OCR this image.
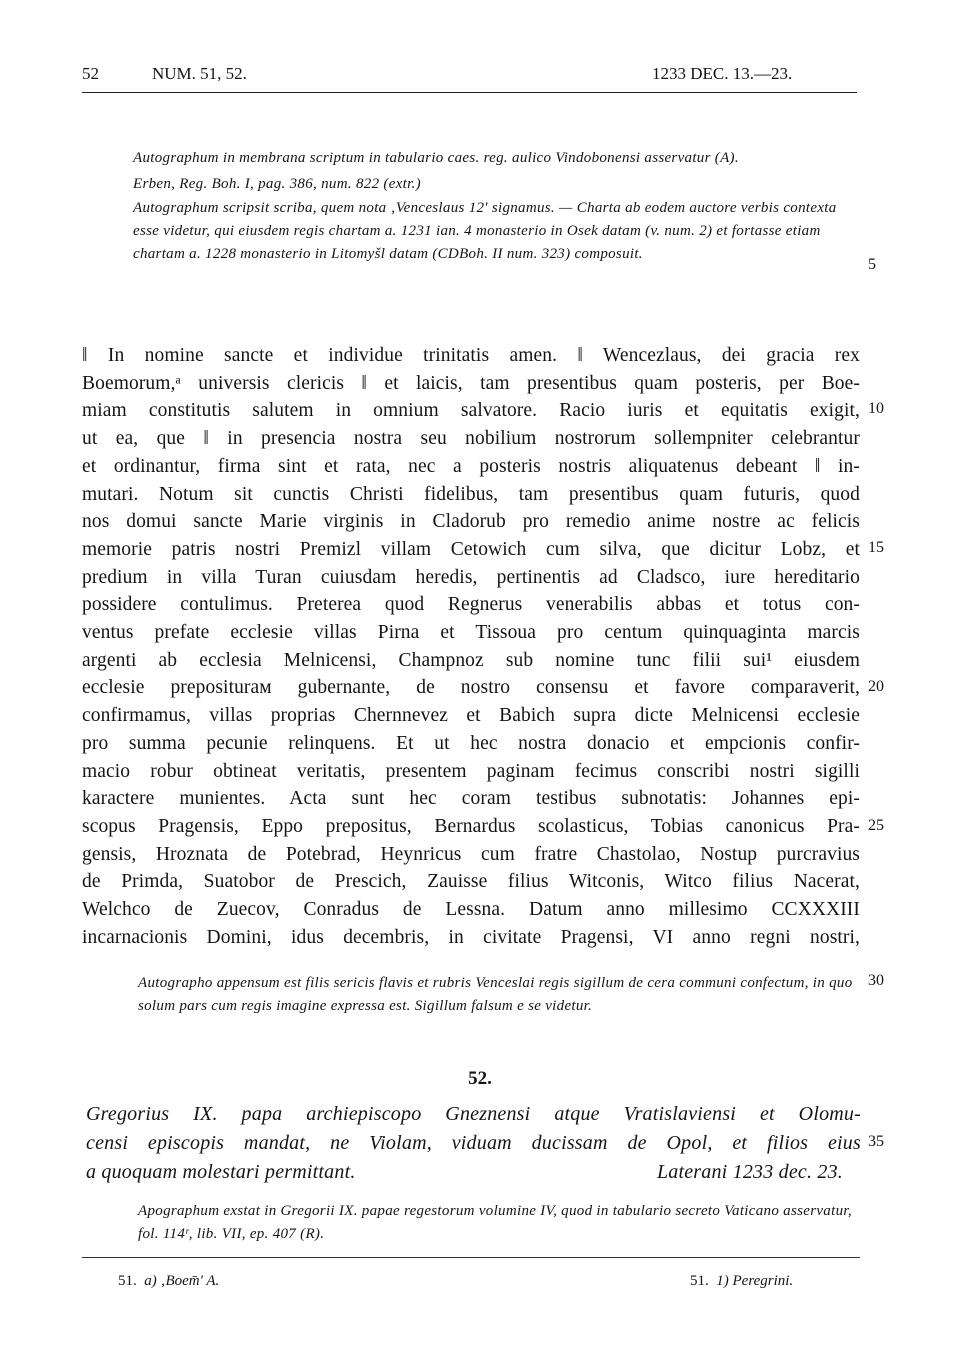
52	NUM. 51, 52.	1233 DEC. 13.—23.

Autographum in membrana scriptum in tabulario caes. reg. aulico Vindobonensi asservatur (A).

Erben, Reg. Boh. I, pag. 386, num. 822 (extr.)

Autographum scripsit scriba, quem nota ‚Venceslaus 12' signamus. — Charta ab eodem auctore verbis contexta esse videtur, qui eiusdem regis chartam a. 1231 ian. 4 monasterio in Osek datam (v. num. 2) et fortasse etiam chartam a. 1228 monasterio in Litomyšl datam (CDBoh. II num. 323) composuit.

‖ In nomine sancte et individue trinitatis amen. ‖ Wencezlaus, dei gracia rex
Boemorum,ᵃ universis clericis ‖ et laicis, tam presentibus quam posteris, per Boe-
miam constitutis salutem in omnium salvatore. Racio iuris et equitatis exigit,
ut ea, que ‖ in presencia nostra seu nobilium nostrorum sollempniter celebrantur
et ordinantur, firma sint et rata, nec a posteris nostris aliquatenus debeant ‖ in-
mutari. Notum sit cunctis Christi fidelibus, tam presentibus quam futuris, quod
nos domui sancte Marie virginis in Cladorub pro remedio anime nostre ac felicis
memorie patris nostri Premizl villam Cetowich cum silva, que dicitur Lobz, et
predium in villa Turan cuiusdam heredis, pertinentis ad Cladsco, iure hereditario
possidere contulimus. Preterea quod Regnerus venerabilis abbas et totus con-
ventus prefate ecclesie villas Pirna et Tissoua pro centum quinquaginta marcis
argenti ab ecclesia Melnicensi, Champnoz sub nomine tunc filii sui¹ eiusdem
ecclesie prepositurам gubernante, de nostro consensu et favore comparaverit,
confirmamus, villas proprias Chernnevez et Babich supra dicte Melnicensi ecclesie
pro summa pecunie relinquens. Et ut hec nostra donacio et empcionis confir-
macio robur obtineat veritatis, presentem paginam fecimus conscribi nostri sigilli
karactere munientes. Acta sunt hec coram testibus subnotatis: Johannes epi-
scopus Pragensis, Eppo prepositus, Bernardus scolasticus, Tobias canonicus Pra-
gensis, Hroznata de Potebrad, Heynricus cum fratre Chastolao, Nostup purcravius
de Primda, Suatobor de Prescich, Zauisse filius Witconis, Witco filius Nacerat,
Welchco de Zuecov, Conradus de Lessna. Datum anno millesimo CCXXXIII
incarnacionis Domini, idus decembris, in civitate Pragensi, VI anno regni nostri,

Autographo appensum est filis sericis flavis et rubris Venceslai regis sigillum de cera communi confectum, in quo solum pars cum regis imagine expressa est. Sigillum falsum e se videtur.

52.
Gregorius IX. papa archiepiscopo Gneznensi atque Vratislaviensi et Olomu-
censi episcopis mandat, ne Violam, viduam ducissam de Opol, et filios eius
a quoquam molestari permittant.	Laterani 1233 dec. 23.

Apographum exstat in Gregorii IX. papae regestorum volumine IV, quod in tabulario secreto Vaticano asservatur, fol. 114ʳ, lib. VII, ep. 407 (R).

51. a) ‚Boem̄' A.	51. 1) Peregrini.
5
10
15
20
25
30
35
